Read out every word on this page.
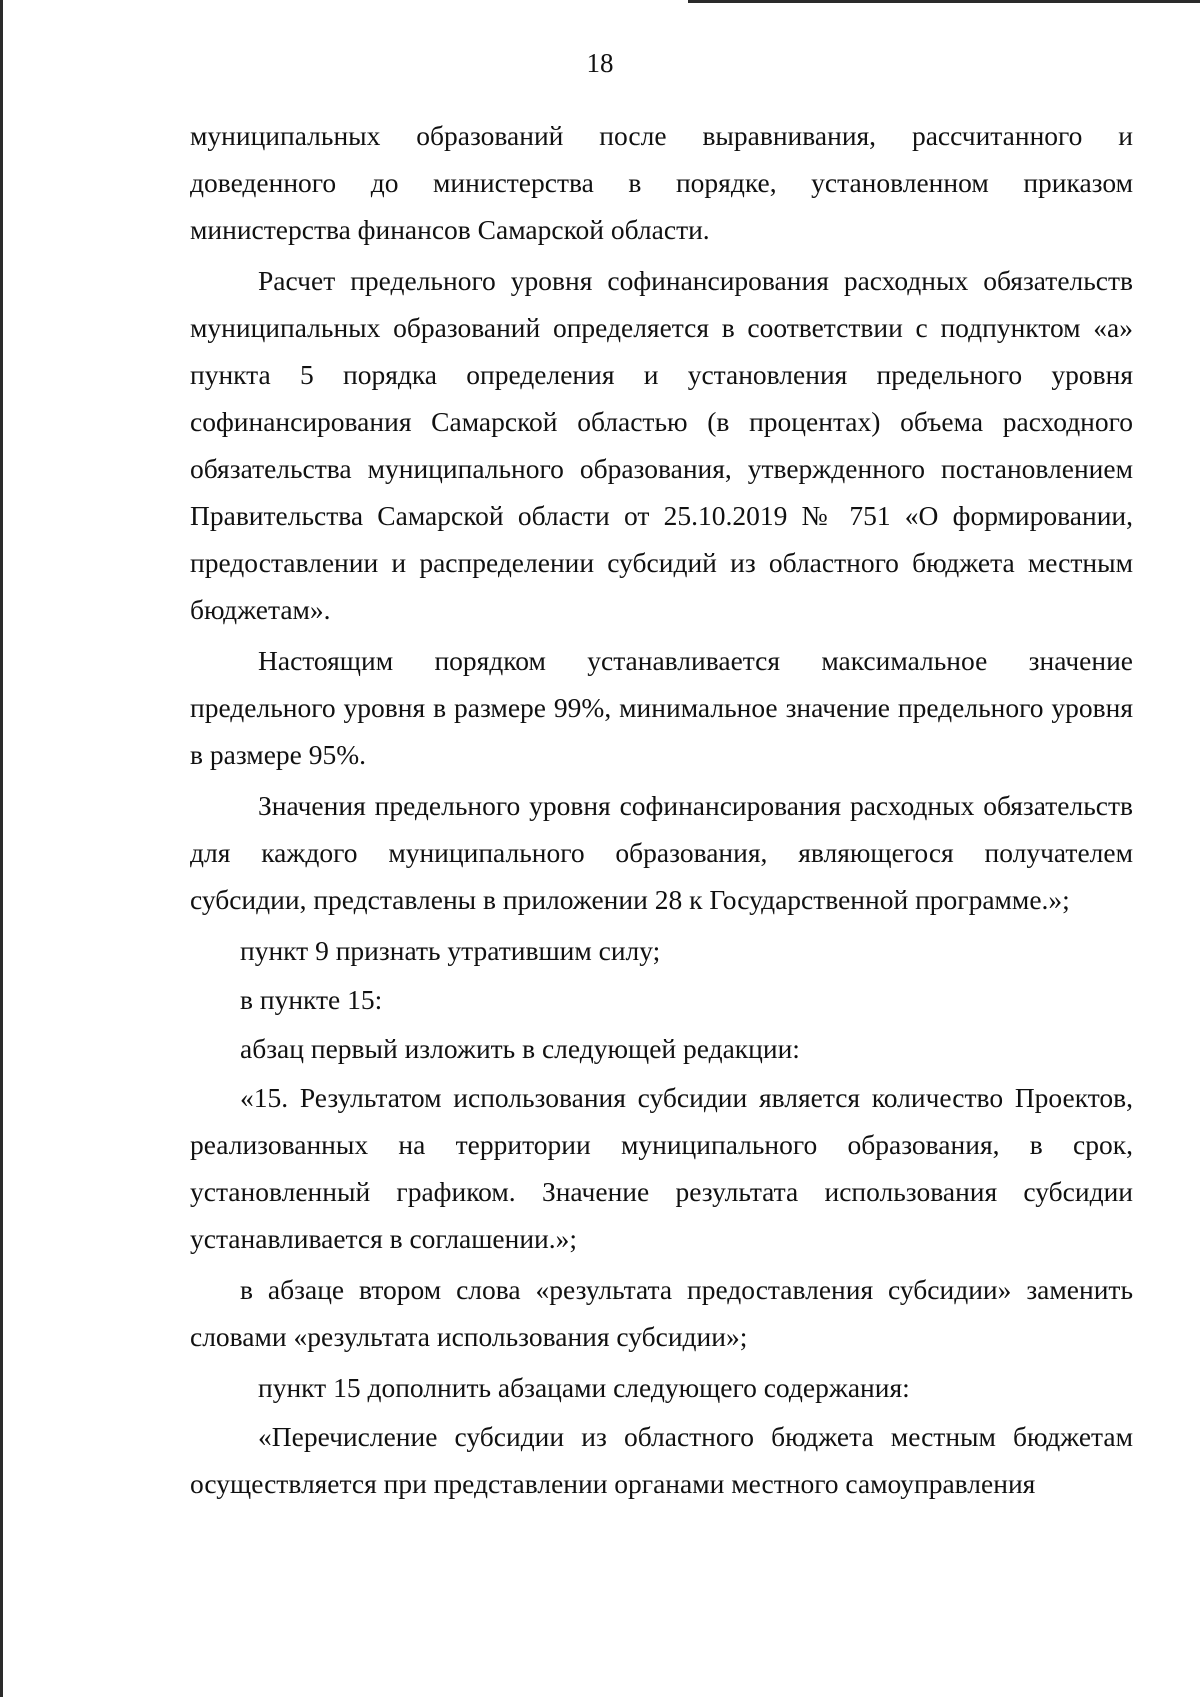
18

муниципальных образований после выравнивания, рассчитанного и доведенного до министерства в порядке, установленном приказом министерства финансов Самарской области.

Расчет предельного уровня софинансирования расходных обязательств муниципальных образований определяется в соответствии с подпунктом «а» пункта 5 порядка определения и установления предельного уровня софинансирования Самарской областью (в процентах) объема расходного обязательства муниципального образования, утвержденного постановлением Правительства Самарской области от 25.10.2019 № 751 «О формировании, предоставлении и распределении субсидий из областного бюджета местным бюджетам».

Настоящим порядком устанавливается максимальное значение предельного уровня в размере 99%, минимальное значение предельного уровня в размере 95%.

Значения предельного уровня софинансирования расходных обязательств для каждого муниципального образования, являющегося получателем субсидии, представлены в приложении 28 к Государственной программе.»;

пункт 9 признать утратившим силу;

в пункте 15:

абзац первый изложить в следующей редакции:

«15. Результатом использования субсидии является количество Проектов, реализованных на территории муниципального образования, в срок, установленный графиком. Значение результата использования субсидии устанавливается в соглашении.»;

в абзаце втором слова «результата предоставления субсидии» заменить словами «результата использования субсидии»;

пункт 15 дополнить абзацами следующего содержания:

«Перечисление субсидии из областного бюджета местным бюджетам осуществляется при представлении органами местного самоуправления
